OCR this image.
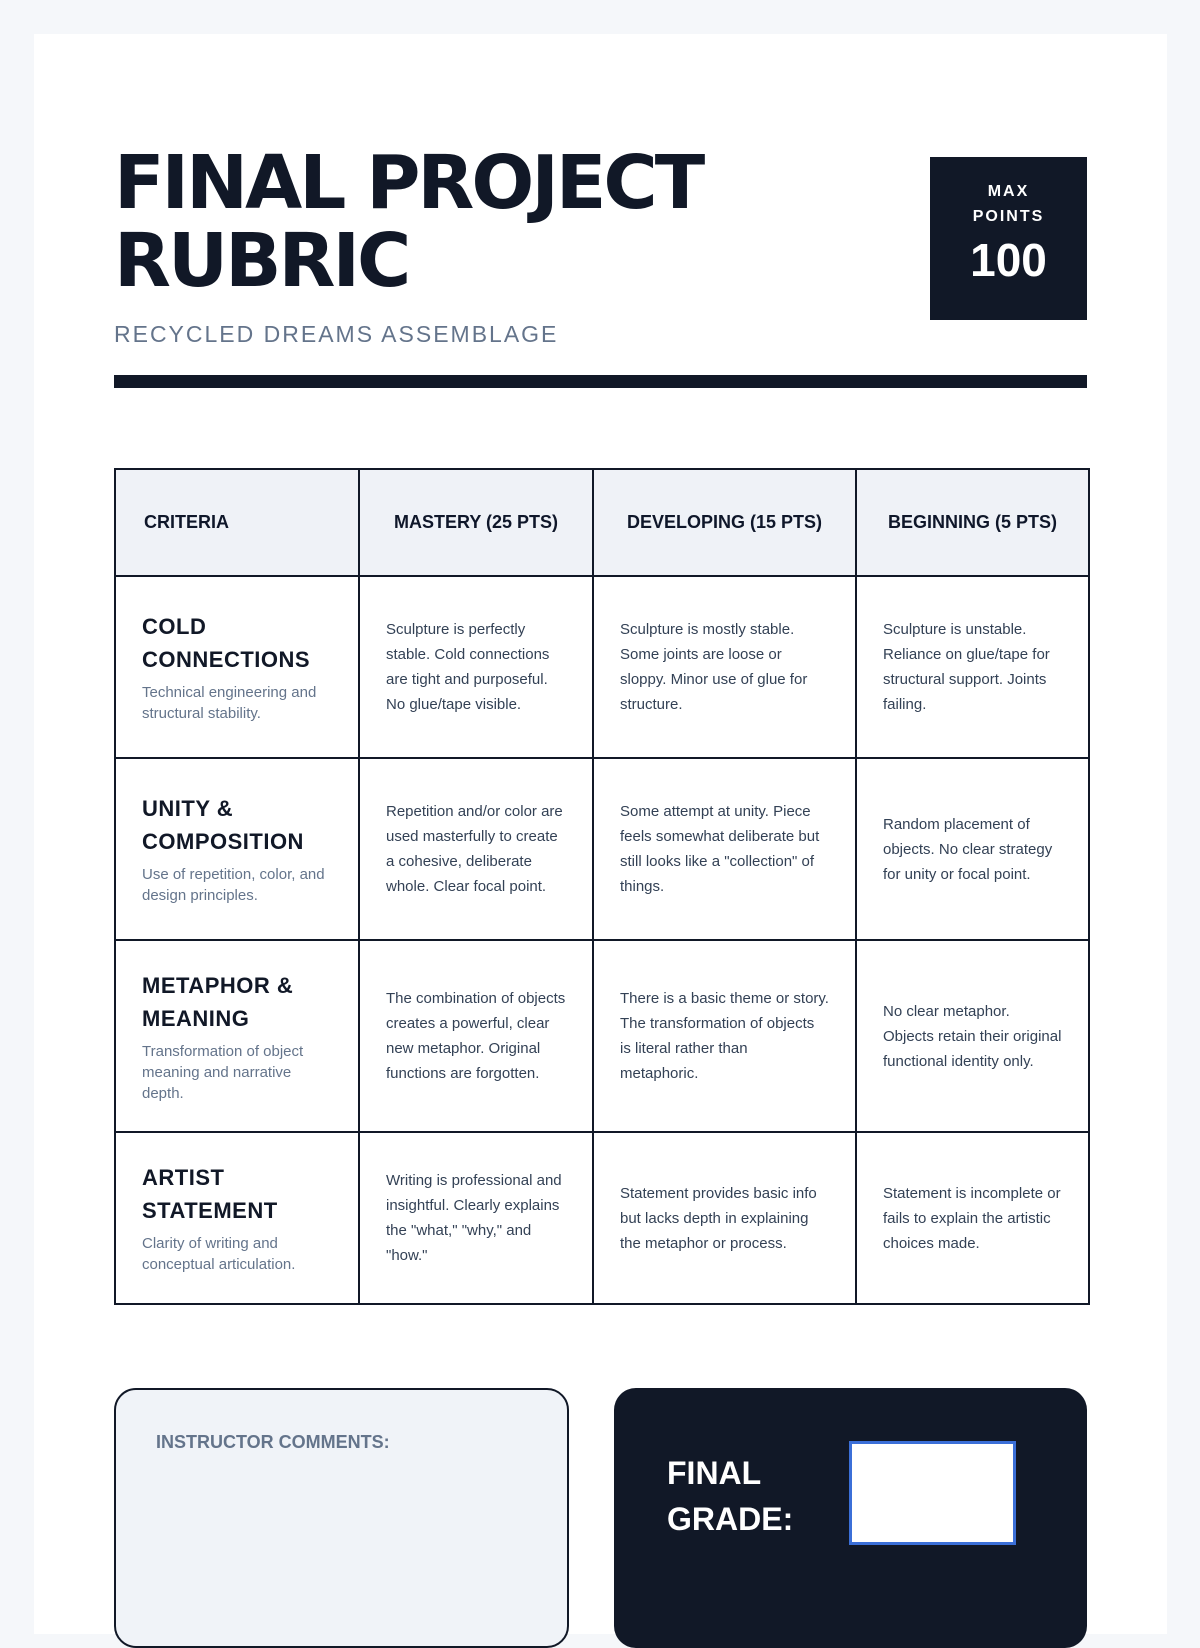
FINAL PROJECT
RUBRIC
RECYCLED DREAMS ASSEMBLAGE
MAX
POINTS
100
CRITERIA	MASTERY (25 PTS)	DEVELOPING (15 PTS)	BEGINNING (5 PTS)

COLD
CONNECTIONS
Technical engineering and structural stability.	Sculpture is perfectly stable. Cold connections are tight and purposeful. No glue/tape visible.	Sculpture is mostly stable. Some joints are loose or sloppy. Minor use of glue for structure.	Sculpture is unstable. Reliance on glue/tape for structural support. Joints failing.

UNITY &
COMPOSITION
Use of repetition, color, and design principles.	Repetition and/or color are used masterfully to create a cohesive, deliberate whole. Clear focal point.	Some attempt at unity. Piece feels somewhat deliberate but still looks like a "collection" of things.	Random placement of objects. No clear strategy for unity or focal point.

METAPHOR &
MEANING
Transformation of object meaning and narrative depth.	The combination of objects creates a powerful, clear new metaphor. Original functions are forgotten.	There is a basic theme or story. The transformation of objects is literal rather than metaphoric.	No clear metaphor. Objects retain their original functional identity only.

ARTIST
STATEMENT
Clarity of writing and conceptual articulation.	Writing is professional and insightful. Clearly explains the "what," "why," and "how."	Statement provides basic info but lacks depth in explaining the metaphor or process.	Statement is incomplete or fails to explain the artistic choices made.
INSTRUCTOR COMMENTS:
FINAL
GRADE:
